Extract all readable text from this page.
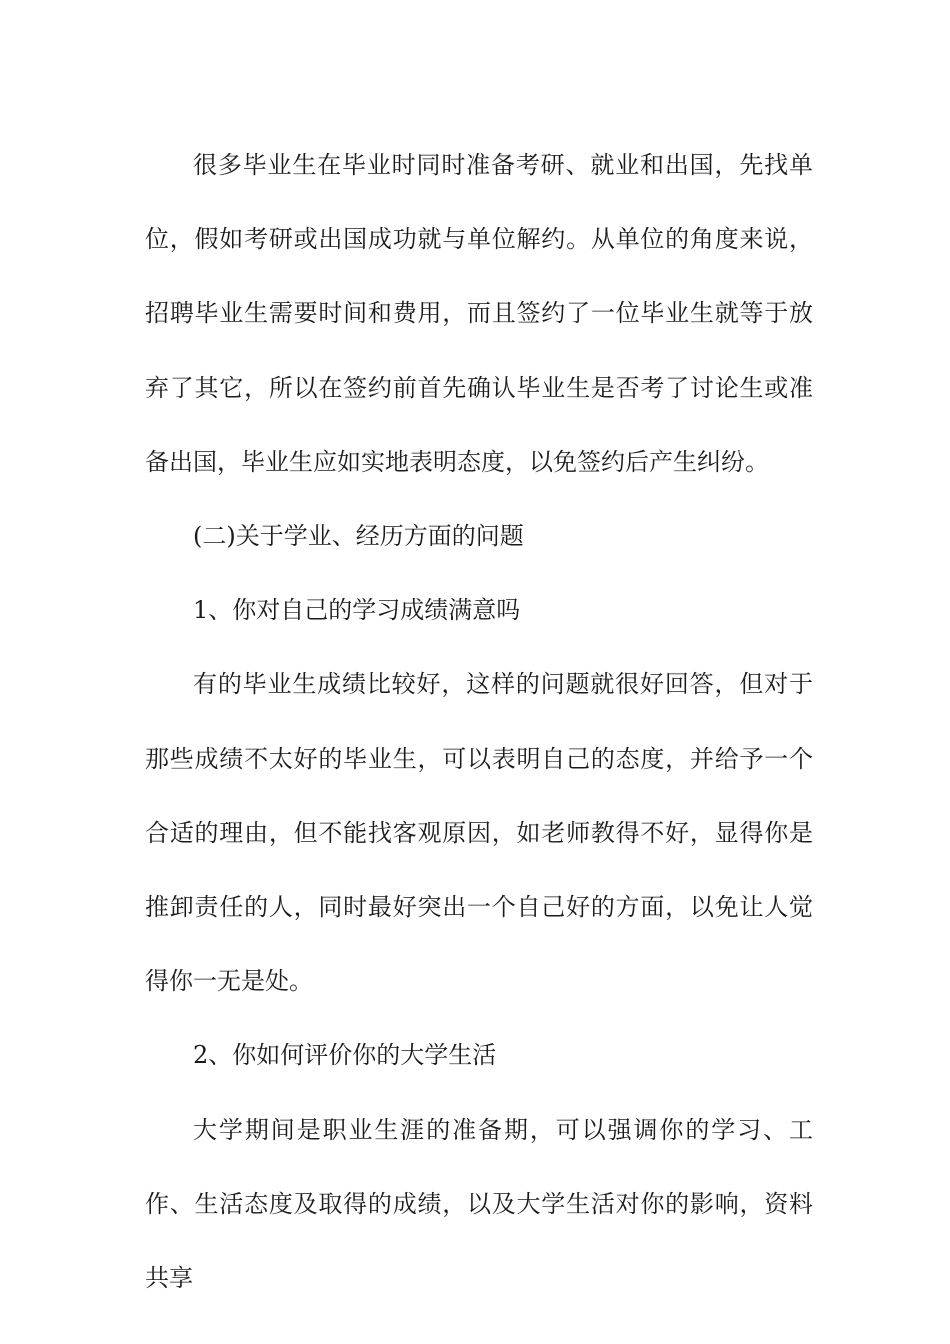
很多毕业生在毕业时同时准备考研、就业和出国，先找单位，假如考研或出国成功就与单位解约。从单位的角度来说，招聘毕业生需要时间和费用，而且签约了一位毕业生就等于放弃了其它，所以在签约前首先确认毕业生是否考了讨论生或准备出国，毕业生应如实地表明态度，以免签约后产生纠纷。

(二)关于学业、经历方面的问题

1、你对自己的学习成绩满意吗

有的毕业生成绩比较好，这样的问题就很好回答，但对于那些成绩不太好的毕业生，可以表明自己的态度，并给予一个合适的理由，但不能找客观原因，如老师教得不好，显得你是推卸责任的人，同时最好突出一个自己好的方面，以免让人觉得你一无是处。

2、你如何评价你的大学生活

大学期间是职业生涯的准备期，可以强调你的学习、工作、生活态度及取得的成绩，以及大学生活对你的影响，资料共享
